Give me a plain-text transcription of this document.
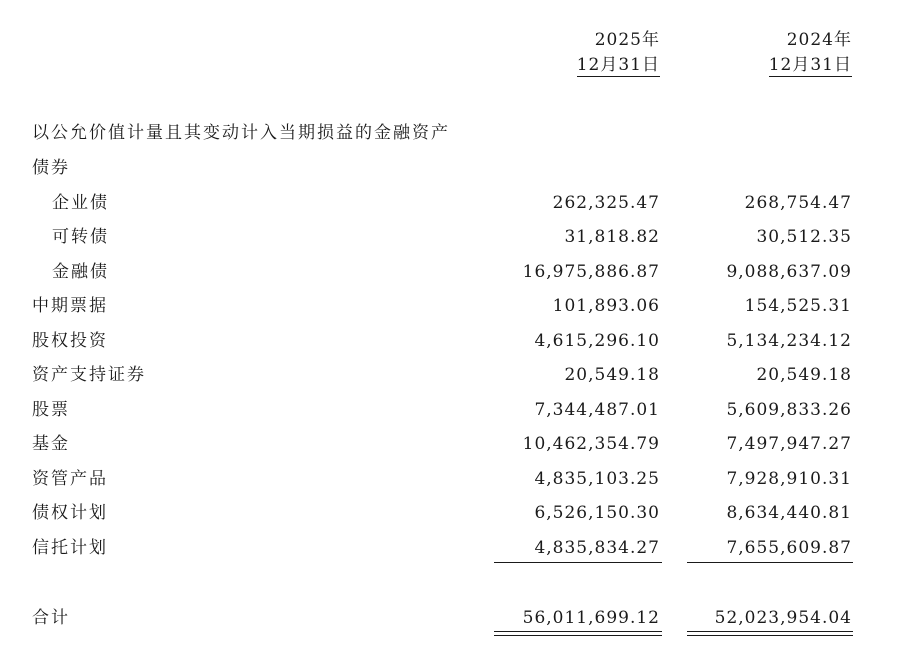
2025年
12月31日
2024年
12月31日
以公允价值计量且其变动计入当期损益的金融资产
债券
企业债	262,325.47	268,754.47
可转债	31,818.82	30,512.35
金融债	16,975,886.87	9,088,637.09
中期票据	101,893.06	154,525.31
股权投资	4,615,296.10	5,134,234.12
资产支持证券	20,549.18	20,549.18
股票	7,344,487.01	5,609,833.26
基金	10,462,354.79	7,497,947.27
资管产品	4,835,103.25	7,928,910.31
债权计划	6,526,150.30	8,634,440.81
信托计划	4,835,834.27	7,655,609.87
合计	56,011,699.12	52,023,954.04
